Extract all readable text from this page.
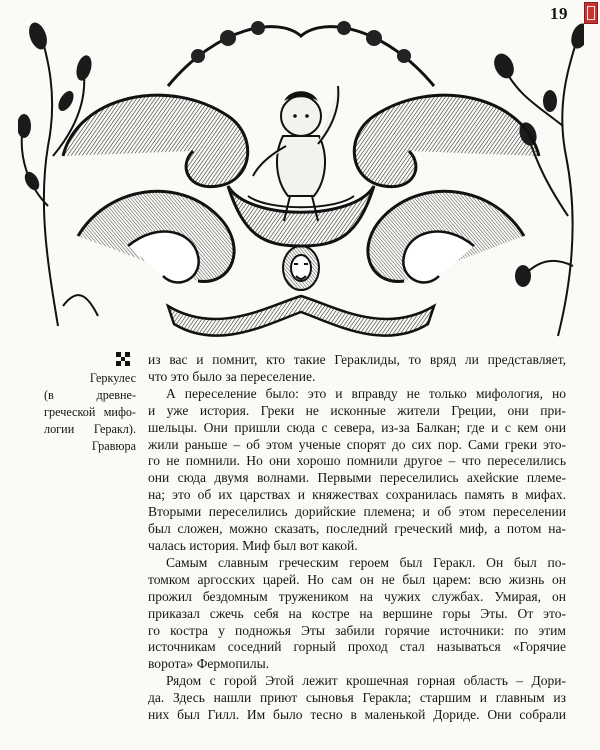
19
Геркулес
(в древне-
греческой мифо-
логии Геракл).
Гравюра
из вас и помнит, кто такие Гераклиды, то вряд ли представляет,
что это было за переселение.
А переселение было: это и вправду не только мифология, но
и уже история. Греки не исконные жители Греции, они при-
шельцы. Они пришли сюда с севера, из-за Балкан; где и с кем они
жили раньше – об этом ученые спорят до сих пор. Сами греки это-
го не помнили. Но они хорошо помнили другое – что переселились
они сюда двумя волнами. Первыми переселились ахейские племе-
на; это об их царствах и княжествах сохранилась память в мифах.
Вторыми переселились дорийские племена; и об этом переселении
был сложен, можно сказать, последний греческий миф, а потом на-
чалась история. Миф был вот какой.
Самым славным греческим героем был Геракл. Он был по-
томком аргосских царей. Но сам он не был царем: всю жизнь он
прожил бездомным тружеником на чужих службах. Умирая, он
приказал сжечь себя на костре на вершине горы Эты. От это-
го костра у подножья Эты забили горячие источники: по этим
источникам соседний горный проход стал называться «Горячие
ворота» Фермопилы.
Рядом с горой Этой лежит крошечная горная область – Дори-
да. Здесь нашли приют сыновья Геракла; старшим и главным из
них был Гилл. Им было тесно в маленькой Дориде. Они собрали
